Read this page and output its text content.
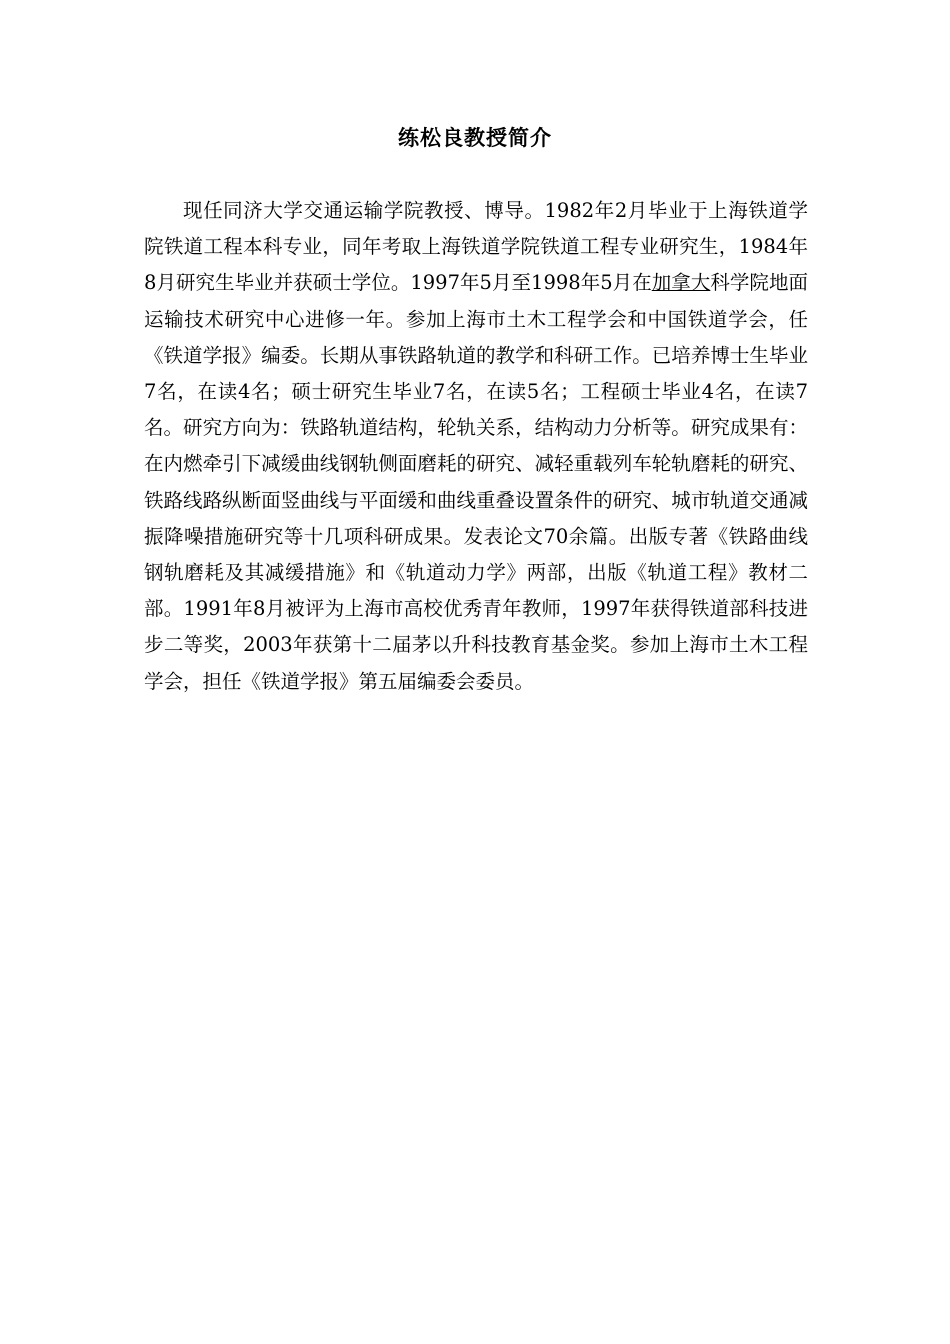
练松良教授简介

现任同济大学交通运输学院教授、博导。1982年2月毕业于上海铁道学院铁道工程本科专业，同年考取上海铁道学院铁道工程专业研究生，1984年8月研究生毕业并获硕士学位。1997年5月至1998年5月在加拿大科学院地面运输技术研究中心进修一年。参加上海市土木工程学会和中国铁道学会，任《铁道学报》编委。长期从事铁路轨道的教学和科研工作。已培养博士生毕业7名，在读4名；硕士研究生毕业7名，在读5名；工程硕士毕业4名，在读7名。研究方向为：铁路轨道结构，轮轨关系，结构动力分析等。研究成果有：在内燃牵引下减缓曲线钢轨侧面磨耗的研究、减轻重载列车轮轨磨耗的研究、铁路线路纵断面竖曲线与平面缓和曲线重叠设置条件的研究、城市轨道交通减振降噪措施研究等十几项科研成果。发表论文70余篇。出版专著《铁路曲线钢轨磨耗及其减缓措施》和《轨道动力学》两部，出版《轨道工程》教材二部。1991年8月被评为上海市高校优秀青年教师，1997年获得铁道部科技进步二等奖，2003年获第十二届茅以升科技教育基金奖。参加上海市土木工程学会，担任《铁道学报》第五届编委会委员。
